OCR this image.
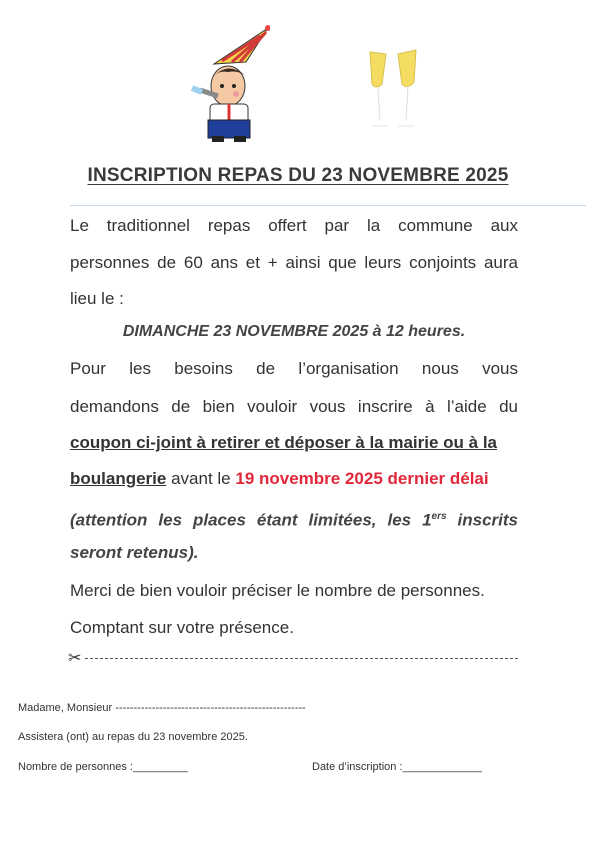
INSCRIPTION REPAS DU 23 NOVEMBRE 2025
Le traditionnel repas offert par la commune aux
personnes de 60 ans et + ainsi que leurs conjoints aura
lieu le :
DIMANCHE 23 NOVEMBRE 2025 à 12 heures.
Pour les besoins de l’organisation nous vous
demandons de bien vouloir vous inscrire à l’aide du
coupon ci-joint à retirer et déposer à la mairie ou à la
boulangerie avant le 19 novembre 2025 dernier délai
(attention les places étant limitées, les 1ers inscrits
seront retenus).
Merci de bien vouloir préciser le nombre de personnes.
Comptant sur votre présence.
✂
Madame, Monsieur ----------------------------------------------------
Assistera (ont) au repas du 23 novembre 2025.
Nombre de personnes :_________	Date d’inscription :_____________
